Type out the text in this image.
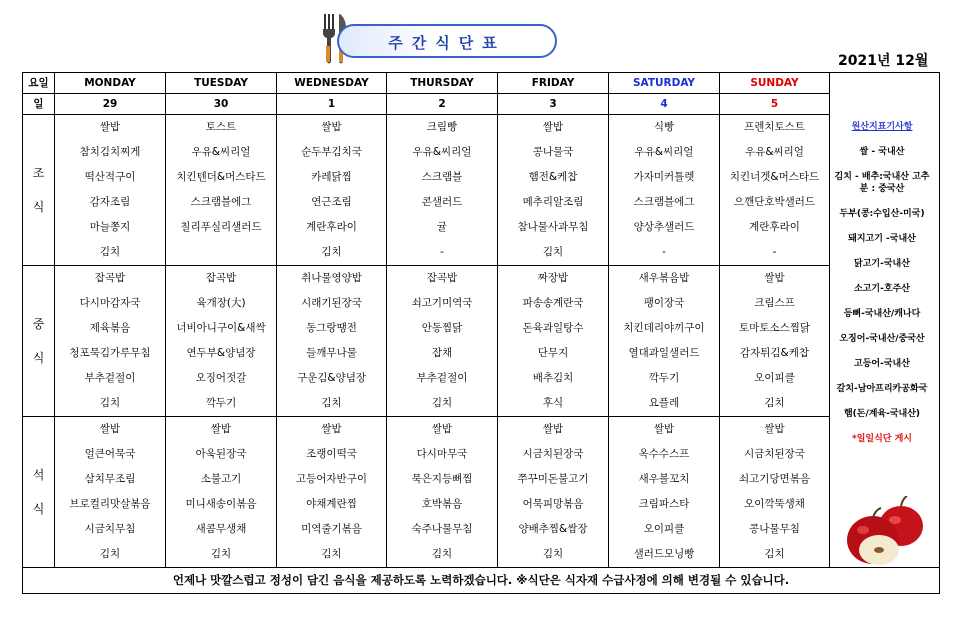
주간식단표
2021년 12월
요일	MONDAY	TUESDAY	WEDNESDAY	THURSDAY	FRIDAY	SATURDAY	SUNDAY	
일	29	30	1	2	3	4	5	

조
식	쌀밥	토스트	쌀밥	크림빵	쌀밥	식빵	프렌치토스트	
	참치김치찌게	우유&씨리얼	순두부김치국	우유&씨리얼	콩나물국	우유&씨리얼	우유&씨리얼	
	떡산적구이	치킨텐더&머스타드	카레닭찜	스크램블	햄전&케찹	가자미커틀렛	치킨너겟&머스타드	
	감자조림	스크램블에그	연근조림	콘샐러드	메추리알조림	스크램블에그	으깬단호박샐러드	
	마늘쫑지	칠리푸실리샐러드	계란후라이	귤	참나물사과무침	양상추샐러드	계란후라이	
	김치		김치	-	김치	-	-	

중
식	잡곡밥	잡곡밥	취나물영양밥	잡곡밥	짜장밥	새우볶음밥	쌀밥	
	다시마감자국	육개장(大)	시래기된장국	쇠고기미역국	파송송계란국	팽이장국	크림스프	
	제육볶음	너비아니구이&새싹	동그랑땡전	안동찜닭	돈육과일탕수	치킨데리야끼구이	토마토소스찜닭	
	청포묵김가루무침	연두부&양념장	들깨무나물	잡채	단무지	열대과일샐러드	감자튀김&케찹	
	부추겉절이	오징어젓갈	구운김&양념장	부추겉절이	배추김치	깍두기	오이피클	
	김치	깍두기	김치	김치	후식	요플레	김치	

석
식	쌀밥	쌀밥	쌀밥	쌀밥	쌀밥	쌀밥	쌀밥	
	얼큰어묵국	아욱된장국	조랭이떡국	다시마무국	시금치된장국	옥수수스프	시금치된장국	
	삼치무조림	소불고기	고등어자반구이	묵은지등뼈찜	쭈꾸미돈불고기	새우볼꼬치	쇠고기당면볶음	
	브로컬리맛살볶음	미니새송이볶음	야채계란찜	호박볶음	어묵피망볶음	크림파스타	오이깍뚝생채	
	시금치무침	새콤무생채	미역줄기볶음	숙주나물무침	양배추찜&쌈장	오이피클	콩나물무침	
	김치	김치	김치	김치	김치	샐러드모닝빵	김치	
언제나 맛깔스럽고 정성이 담긴 음식을 제공하도록 노력하겠습니다. ※식단은 식자재 수급사정에 의해 변경될 수 있습니다.								
원산지표기사항
쌀 - 국내산
김치 - 배추:국내산 고추분 : 중국산
두부(콩:수입산-미국)
돼지고기 -국내산
닭고기-국내산
소고기-호주산
등뼈-국내산/캐나다
오징어-국내산/중국산
고등어-국내산
갈치-남아프리카공화국
햄(돈/계육-국내산)
*일일식단 게시
